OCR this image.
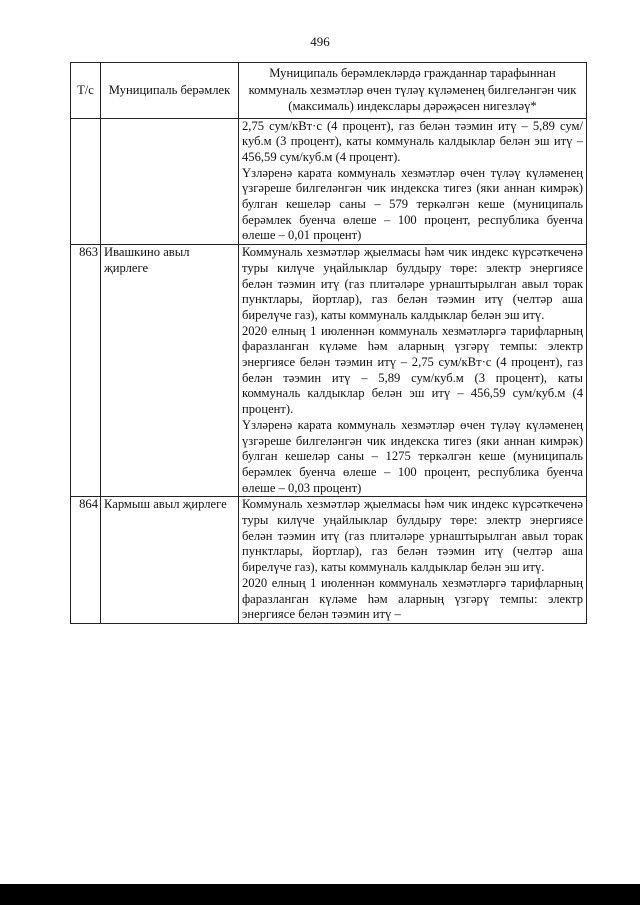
496
Т/с	Муниципаль берәмлек	Муниципаль берәмлекләрдә гражданнар тарафыннан коммуналь хезмәтләр өчен түләү күләменең билгеләнгән чик (максималь) индекслары дәрәҗәсен нигезләү*

		2,75 сум/кВт·с (4 процент), газ белән тәэмин итү – 5,89 сум/куб.м (3 процент), каты коммуналь калдыклар белән эш итү – 456,59 сум/куб.м (4 процент).
Үзләренә карата коммуналь хезмәтләр өчен түләү күләменең үзгәреше билгеләнгән чик индекска тигез (яки аннан кимрәк) булган кешеләр саны – 579 теркәлгән кеше (муниципаль берәмлек буенча өлеше – 100 процент, республика буенча өлеше – 0,01 процент)

863	Ивашкино авыл җирлеге	Коммуналь хезмәтләр җыелмасы һәм чик индекс күрсәткеченә туры килүче уңайлыклар булдыру төре: электр энергиясе белән тәэмин итү (газ плитәләре урнаштырылган авыл торак пунктлары, йортлар), газ белән тәэмин итү (челтәр аша бирелүче газ), каты коммуналь калдыклар белән эш итү.
2020 елның 1 июленнән коммуналь хезмәтләргә тарифларның фаразланган күләме һәм аларның үзгәрү темпы: электр энергиясе белән тәэмин итү – 2,75 сум/кВт·с (4 процент), газ белән тәэмин итү – 5,89 сум/куб.м (3 процент), каты коммуналь калдыклар белән эш итү – 456,59 сум/куб.м (4 процент).
Үзләренә карата коммуналь хезмәтләр өчен түләү күләменең үзгәреше билгеләнгән чик индекска тигез (яки аннан кимрәк) булган кешеләр саны – 1275 теркәлгән кеше (муниципаль берәмлек буенча өлеше – 100 процент, республика буенча өлеше – 0,03 процент)

864	Кармыш авыл җирлеге	Коммуналь хезмәтләр җыелмасы һәм чик индекс күрсәткеченә туры килүче уңайлыклар булдыру төре: электр энергиясе белән тәэмин итү (газ плитәләре урнаштырылган авыл торак пунктлары, йортлар), газ белән тәэмин итү (челтәр аша бирелүче газ), каты коммуналь калдыклар белән эш итү.
2020 елның 1 июленнән коммуналь хезмәтләргә тарифларның фаразланган күләме һәм аларның үзгәрү темпы: электр энергиясе белән тәэмин итү –
